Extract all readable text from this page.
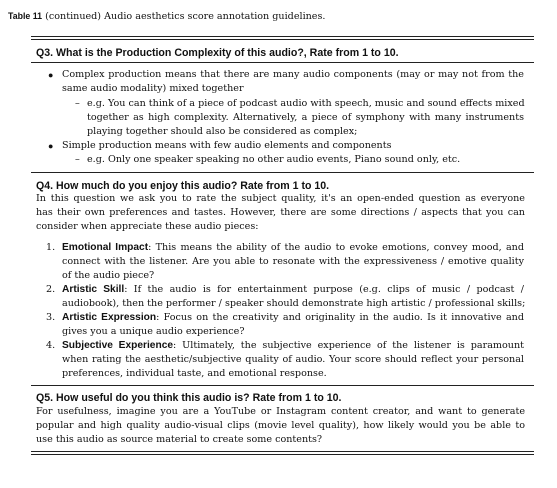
Table 11 (continued) Audio aesthetics score annotation guidelines.
Q3. What is the Production Complexity of this audio?, Rate from 1 to 10.
● Complex production means that there are many audio components (may or may not from the
same audio modality) mixed together
– e.g. You can think of a piece of podcast audio with speech, music and sound effects mixed
together as high complexity. Alternatively, a piece of symphony with many instruments
playing together should also be considered as complex;
● Simple production means with few audio elements and components
– e.g. Only one speaker speaking no other audio events, Piano sound only, etc.
Q4. How much do you enjoy this audio? Rate from 1 to 10.
In this question we ask you to rate the subject quality, it's an open-ended question as everyone
has their own preferences and tastes. However, there are some directions / aspects that you can
consider when appreciate these audio pieces:
1. Emotional Impact: This means the ability of the audio to evoke emotions, convey mood, and
connect with the listener. Are you able to resonate with the expressiveness / emotive quality
of the audio piece?
2. Artistic Skill: If the audio is for entertainment purpose (e.g. clips of music / podcast /
audiobook), then the performer / speaker should demonstrate high artistic / professional skills;
3. Artistic Expression: Focus on the creativity and originality in the audio. Is it innovative and
gives you a unique audio experience?
4. Subjective Experience: Ultimately, the subjective experience of the listener is paramount
when rating the aesthetic/subjective quality of audio. Your score should reflect your personal
preferences, individual taste, and emotional response.
Q5. How useful do you think this audio is? Rate from 1 to 10.
For usefulness, imagine you are a YouTube or Instagram content creator, and want to generate
popular and high quality audio-visual clips (movie level quality), how likely would you be able to
use this audio as source material to create some contents?
